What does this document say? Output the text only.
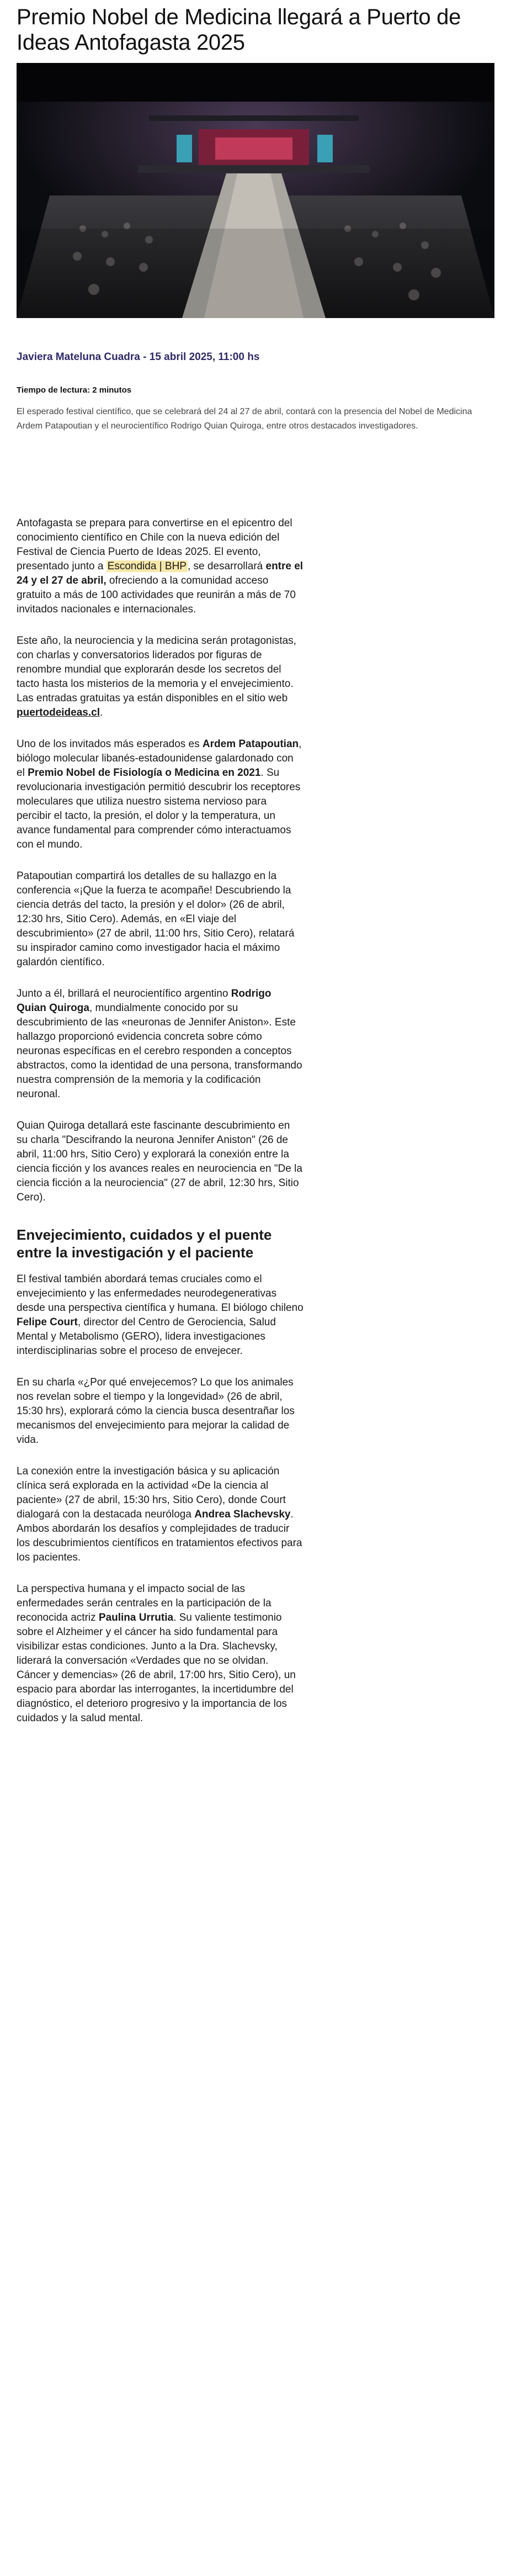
Premio Nobel de Medicina llegará a Puerto de Ideas Antofagasta 2025
Javiera Mateluna Cuadra - 15 abril 2025, 11:00 hs
Tiempo de lectura: 2 minutos
El esperado festival científico, que se celebrará del 24 al 27 de abril, contará con la presencia del Nobel de Medicina Ardem Patapoutian y el neurocientífico Rodrigo Quian Quiroga, entre otros destacados investigadores.

Antofagasta se prepara para convertirse en el epicentro del conocimiento científico en Chile con la nueva edición del Festival de Ciencia Puerto de Ideas 2025. El evento, presentado junto a Escondida | BHP , se desarrollará entre el 24 y el 27 de abril, ofreciendo a la comunidad acceso gratuito a más de 100 actividades que reunirán a más de 70 invitados nacionales e internacionales.

Este año, la neurociencia y la medicina serán protagonistas, con charlas y conversatorios liderados por figuras de renombre mundial que explorarán desde los secretos del tacto hasta los misterios de la memoria y el envejecimiento. Las entradas gratuitas ya están disponibles en el sitio web puertodeideas.cl.

Uno de los invitados más esperados es Ardem Patapoutian, biólogo molecular libanés-estadounidense galardonado con el Premio Nobel de Fisiología o Medicina en 2021. Su revolucionaria investigación permitió descubrir los receptores moleculares que utiliza nuestro sistema nervioso para percibir el tacto, la presión, el dolor y la temperatura, un avance fundamental para comprender cómo interactuamos con el mundo.

Patapoutian compartirá los detalles de su hallazgo en la conferencia «¡Que la fuerza te acompañe! Descubriendo la ciencia detrás del tacto, la presión y el dolor» (26 de abril, 12:30 hrs, Sitio Cero). Además, en «El viaje del descubrimiento» (27 de abril, 11:00 hrs, Sitio Cero), relatará su inspirador camino como investigador hacia el máximo galardón científico.

Junto a él, brillará el neurocientífico argentino Rodrigo Quian Quiroga, mundialmente conocido por su descubrimiento de las «neuronas de Jennifer Aniston». Este hallazgo proporcionó evidencia concreta sobre cómo neuronas específicas en el cerebro responden a conceptos abstractos, como la identidad de una persona, transformando nuestra comprensión de la memoria y la codificación neuronal.

Quian Quiroga detallará este fascinante descubrimiento en su charla "Descifrando la neurona Jennifer Aniston" (26 de abril, 11:00 hrs, Sitio Cero) y explorará la conexión entre la ciencia ficción y los avances reales en neurociencia en "De la ciencia ficción a la neurociencia" (27 de abril, 12:30 hrs, Sitio Cero).

Envejecimiento, cuidados y el puente entre la investigación y el paciente

El festival también abordará temas cruciales como el envejecimiento y las enfermedades neurodegenerativas desde una perspectiva científica y humana. El biólogo chileno Felipe Court, director del Centro de Gerociencia, Salud Mental y Metabolismo (GERO), lidera investigaciones interdisciplinarias sobre el proceso de envejecer.

En su charla «¿Por qué envejecemos? Lo que los animales nos revelan sobre el tiempo y la longevidad» (26 de abril, 15:30 hrs), explorará cómo la ciencia busca desentrañar los mecanismos del envejecimiento para mejorar la calidad de vida.

La conexión entre la investigación básica y su aplicación clínica será explorada en la actividad «De la ciencia al paciente» (27 de abril, 15:30 hrs, Sitio Cero), donde Court dialogará con la destacada neuróloga Andrea Slachevsky. Ambos abordarán los desafíos y complejidades de traducir los descubrimientos científicos en tratamientos efectivos para los pacientes.

La perspectiva humana y el impacto social de las enfermedades serán centrales en la participación de la reconocida actriz Paulina Urrutia. Su valiente testimonio sobre el Alzheimer y el cáncer ha sido fundamental para visibilizar estas condiciones. Junto a la Dra. Slachevsky, liderará la conversación «Verdades que no se olvidan. Cáncer y demencias» (26 de abril, 17:00 hrs, Sitio Cero), un espacio para abordar las interrogantes, la incertidumbre del diagnóstico, el deterioro progresivo y la importancia de los cuidados y la salud mental.
